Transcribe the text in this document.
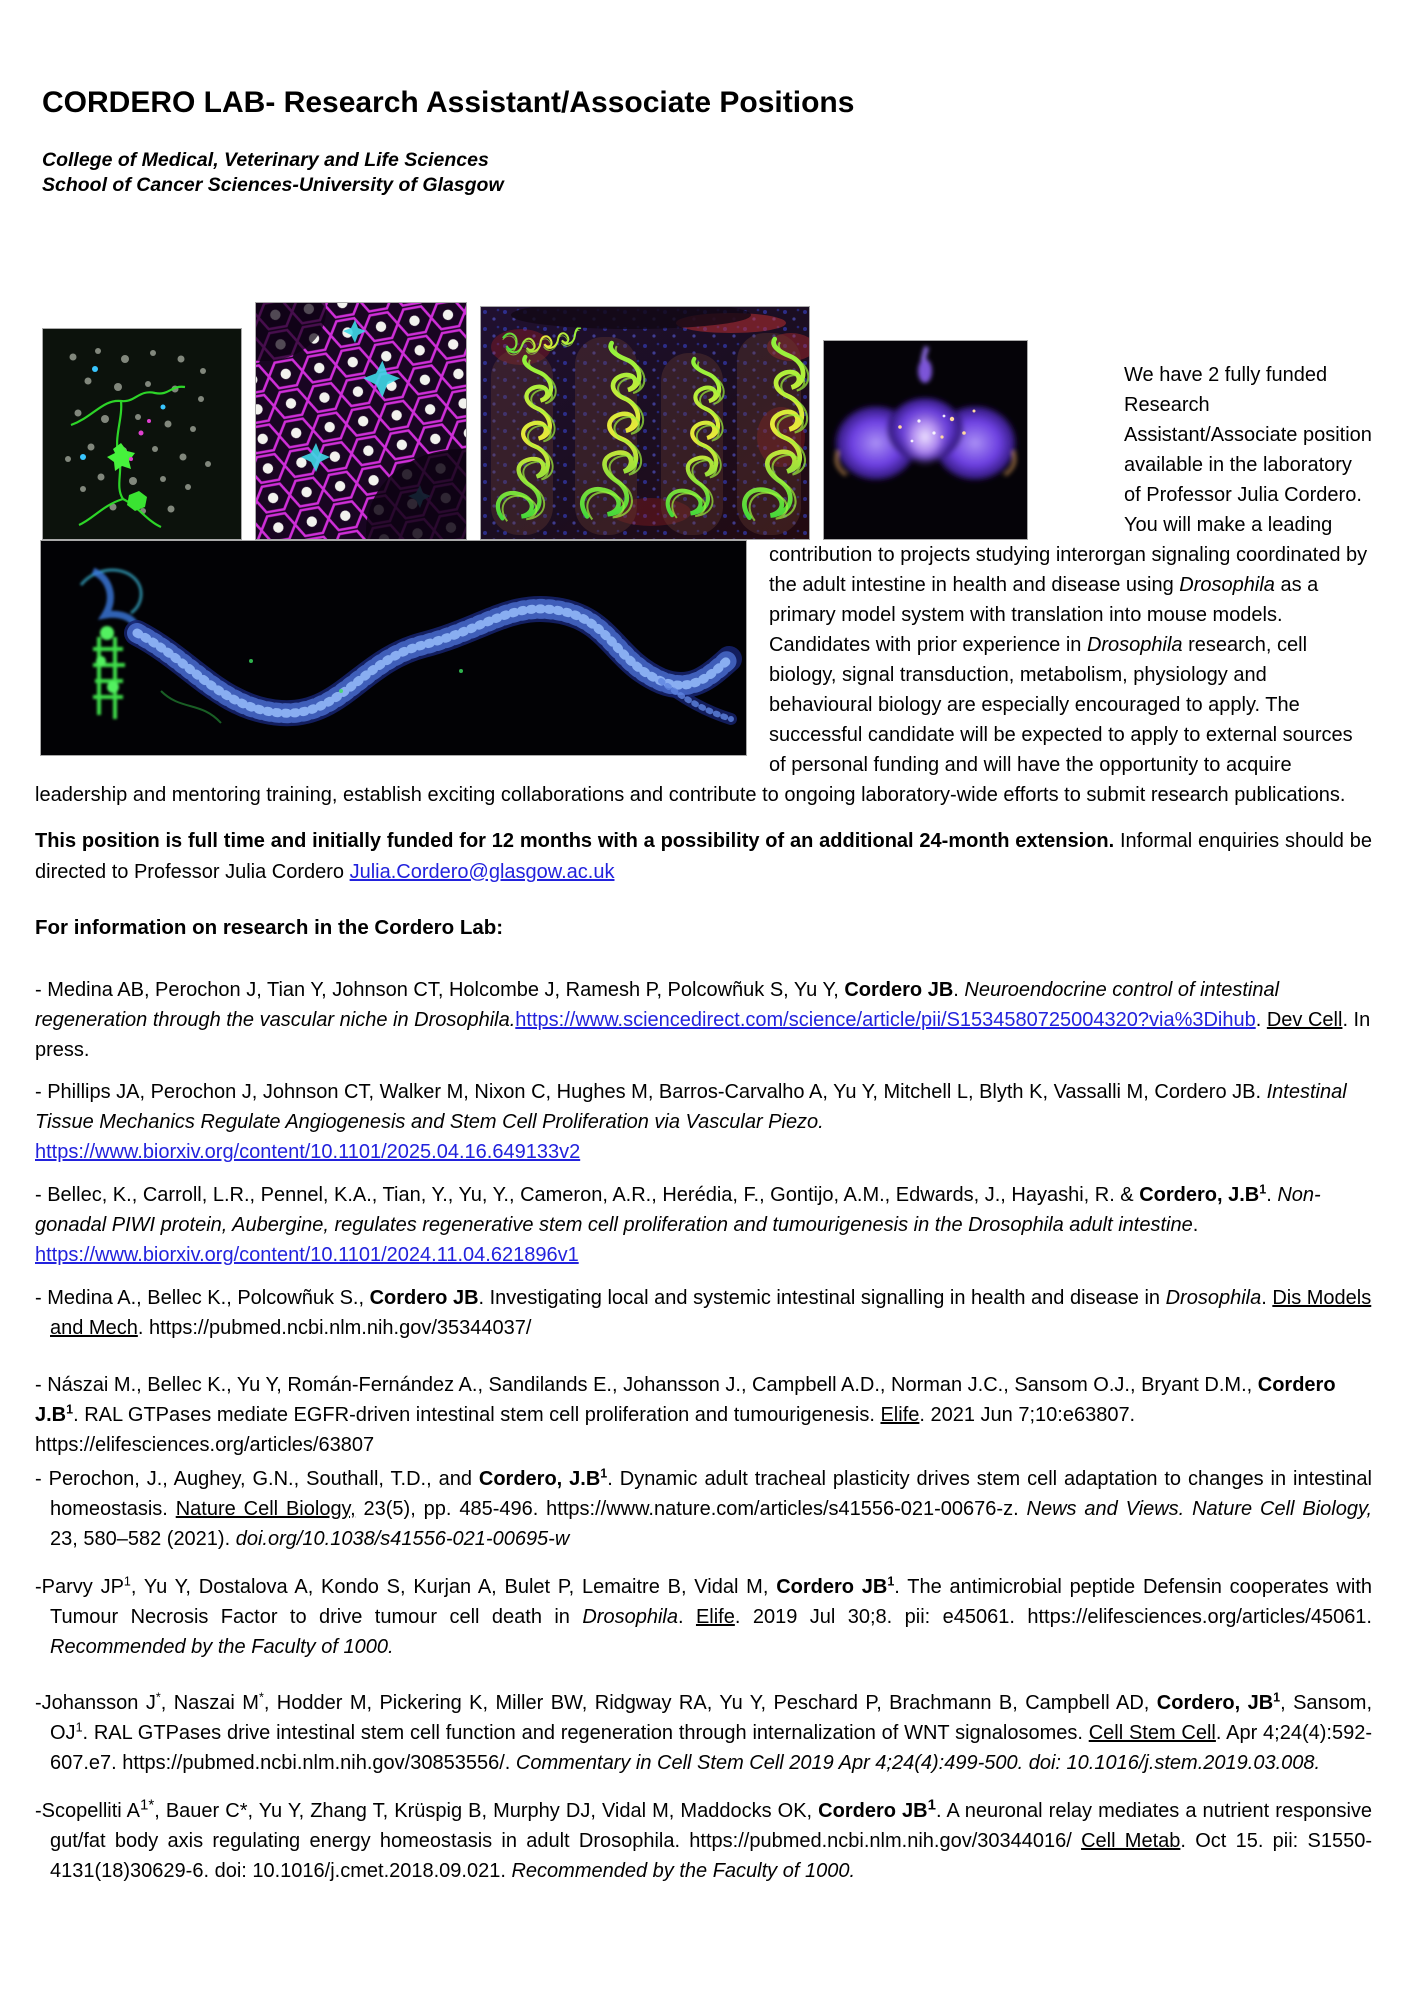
CORDERO LAB- Research Assistant/Associate Positions

College of Medical, Veterinary and Life Sciences
School of Cancer Sciences-University of Glasgow

We have 2 fully funded Research Assistant/Associate position available in the laboratory of Professor Julia Cordero. You will make a leading contribution to projects studying interorgan signaling coordinated by the adult intestine in health and disease using Drosophila as a primary model system with translation into mouse models. Candidates with prior experience in Drosophila research, cell biology, signal transduction, metabolism, physiology and behavioural biology are especially encouraged to apply. The successful candidate will be expected to apply to external sources of personal funding and will have the opportunity to acquire leadership and mentoring training, establish exciting collaborations and contribute to ongoing laboratory-wide efforts to submit research publications.

This position is full time and initially funded for 12 months with a possibility of an additional 24-month extension. Informal enquiries should be directed to Professor Julia Cordero Julia.Cordero@glasgow.ac.uk

For information on research in the Cordero Lab:

- Medina AB, Perochon J, Tian Y, Johnson CT, Holcombe J, Ramesh P, Polcowñuk S, Yu Y, Cordero JB. Neuroendocrine control of intestinal regeneration through the vascular niche in Drosophila.https://www.sciencedirect.com/science/article/pii/S1534580725004320?via%3Dihub. Dev Cell. In press.

- Phillips JA, Perochon J, Johnson CT, Walker M, Nixon C, Hughes M, Barros-Carvalho A, Yu Y, Mitchell L, Blyth K, Vassalli M, Cordero JB. Intestinal Tissue Mechanics Regulate Angiogenesis and Stem Cell Proliferation via Vascular Piezo. https://www.biorxiv.org/content/10.1101/2025.04.16.649133v2

- Bellec, K., Carroll, L.R., Pennel, K.A., Tian, Y., Yu, Y., Cameron, A.R., Herédia, F., Gontijo, A.M., Edwards, J., Hayashi, R. & Cordero, $J.B^1$. Non-gonadal PIWI protein, Aubergine, regulates regenerative stem cell proliferation and tumourigenesis in the Drosophila adult intestine. https://www.biorxiv.org/content/10.1101/2024.11.04.621896v1

- Medina A., Bellec K., Polcowñuk S., Cordero JB. Investigating local and systemic intestinal signalling in health and disease in Drosophila. Dis Models and Mech. https://pubmed.ncbi.nlm.nih.gov/35344037/

- Nászai M., Bellec K., Yu Y, Román-Fernández A., Sandilands E., Johansson J., Campbell A.D., Norman J.C., Sansom O.J., Bryant D.M., Cordero $J.B^1$. RAL GTPases mediate EGFR-driven intestinal stem cell proliferation and tumourigenesis. Elife. 2021 Jun 7;10:e63807. https://elifesciences.org/articles/63807

- Perochon, J., Aughey, G.N., Southall, T.D., and Cordero, $J.B^1$. Dynamic adult tracheal plasticity drives stem cell adaptation to changes in intestinal homeostasis. Nature Cell Biology, 23(5), pp. 485-496. https://www.nature.com/articles/s41556-021-00676-z. News and Views. Nature Cell Biology, 23, 580–582 (2021). doi.org/10.1038/s41556-021-00695-w

-Parvy $JP^1$, Yu Y, Dostalova A, Kondo S, Kurjan A, Bulet P, Lemaitre B, Vidal M, Cordero $JB^1$. The antimicrobial peptide Defensin cooperates with Tumour Necrosis Factor to drive tumour cell death in Drosophila. Elife. 2019 Jul 30;8. pii: e45061. https://elifesciences.org/articles/45061. Recommended by the Faculty of 1000.

-Johansson J*, Naszai M*, Hodder M, Pickering K, Miller BW, Ridgway RA, Yu Y, Peschard P, Brachmann B, Campbell AD, Cordero, $JB^1$, Sansom, $OJ^1$. RAL GTPases drive intestinal stem cell function and regeneration through internalization of WNT signalosomes. Cell Stem Cell. Apr 4;24(4):592-607.e7. https://pubmed.ncbi.nlm.nih.gov/30853556/. Commentary in Cell Stem Cell 2019 Apr 4;24(4):499-500. doi: 10.1016/j.stem.2019.03.008.

-Scopelliti $A^{1*}$, Bauer C*, Yu Y, Zhang T, Krüspig B, Murphy DJ, Vidal M, Maddocks OK, Cordero $JB^1$. A neuronal relay mediates a nutrient responsive gut/fat body axis regulating energy homeostasis in adult Drosophila. https://pubmed.ncbi.nlm.nih.gov/30344016/ Cell Metab. Oct 15. pii: S1550-4131(18)30629-6. doi: 10.1016/j.cmet.2018.09.021. Recommended by the Faculty of 1000.
